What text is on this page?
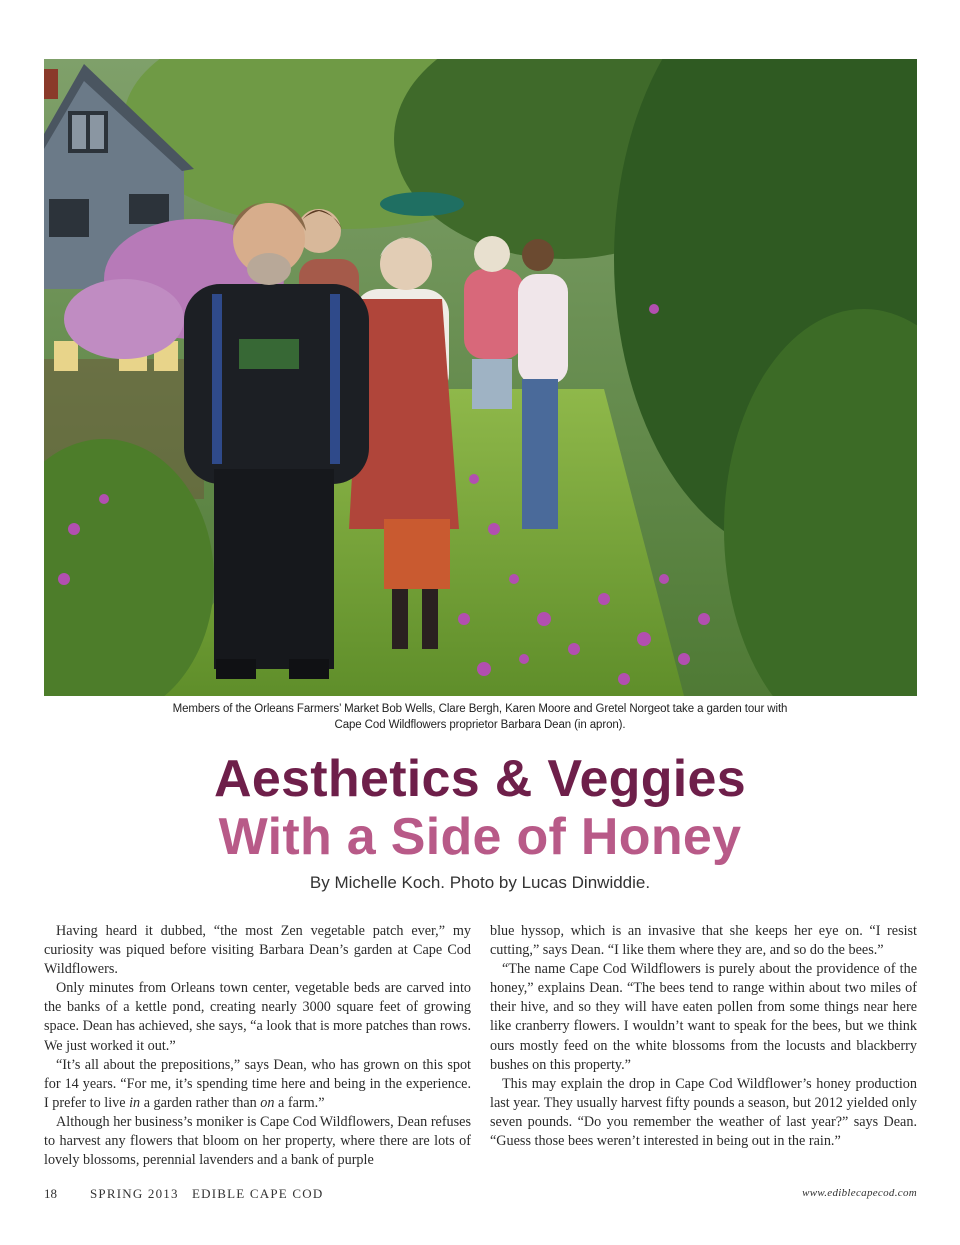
Members of the Orleans Farmers’ Market Bob Wells, Clare Bergh, Karen Moore and Gretel Norgeot take a garden tour with
Cape Cod Wildflowers proprietor Barbara Dean (in apron).
Aesthetics & Veggies
With a Side of Honey
By Michelle Koch. Photo by Lucas Dinwiddie.

Having heard it dubbed, “the most Zen vegetable patch ever,” my curiosity was piqued before visiting Barbara Dean’s garden at Cape Cod Wildflowers.

Only minutes from Orleans town center, vegetable beds are carved into the banks of a kettle pond, creating nearly 3000 square feet of growing space. Dean has achieved, she says, “a look that is more patches than rows. We just worked it out.”

“It’s all about the prepositions,” says Dean, who has grown on this spot for 14 years. “For me, it’s spending time here and being in the experience. I prefer to live in a garden rather than on a farm.”

Although her business’s moniker is Cape Cod Wildflowers, Dean refuses to harvest any flowers that bloom on her property, where there are lots of lovely blossoms, perennial lavenders and a bank of purple

blue hyssop, which is an invasive that she keeps her eye on. “I resist cutting,” says Dean. “I like them where they are, and so do the bees.”

“The name Cape Cod Wildflowers is purely about the providence of the honey,” explains Dean. “The bees tend to range within about two miles of their hive, and so they will have eaten pollen from some things near here like cranberry flowers. I wouldn’t want to speak for the bees, but we think ours mostly feed on the white blossoms from the locusts and blackberry bushes on this property.”

This may explain the drop in Cape Cod Wildflower’s honey production last year. They usually harvest fifty pounds a season, but 2012 yielded only seven pounds. “Do you remember the weather of last year?” says Dean. “Guess those bees weren’t interested in being out in the rain.”

18	SPRING 2013   EDIBLE CAPE COD	www.ediblecapecod.com
